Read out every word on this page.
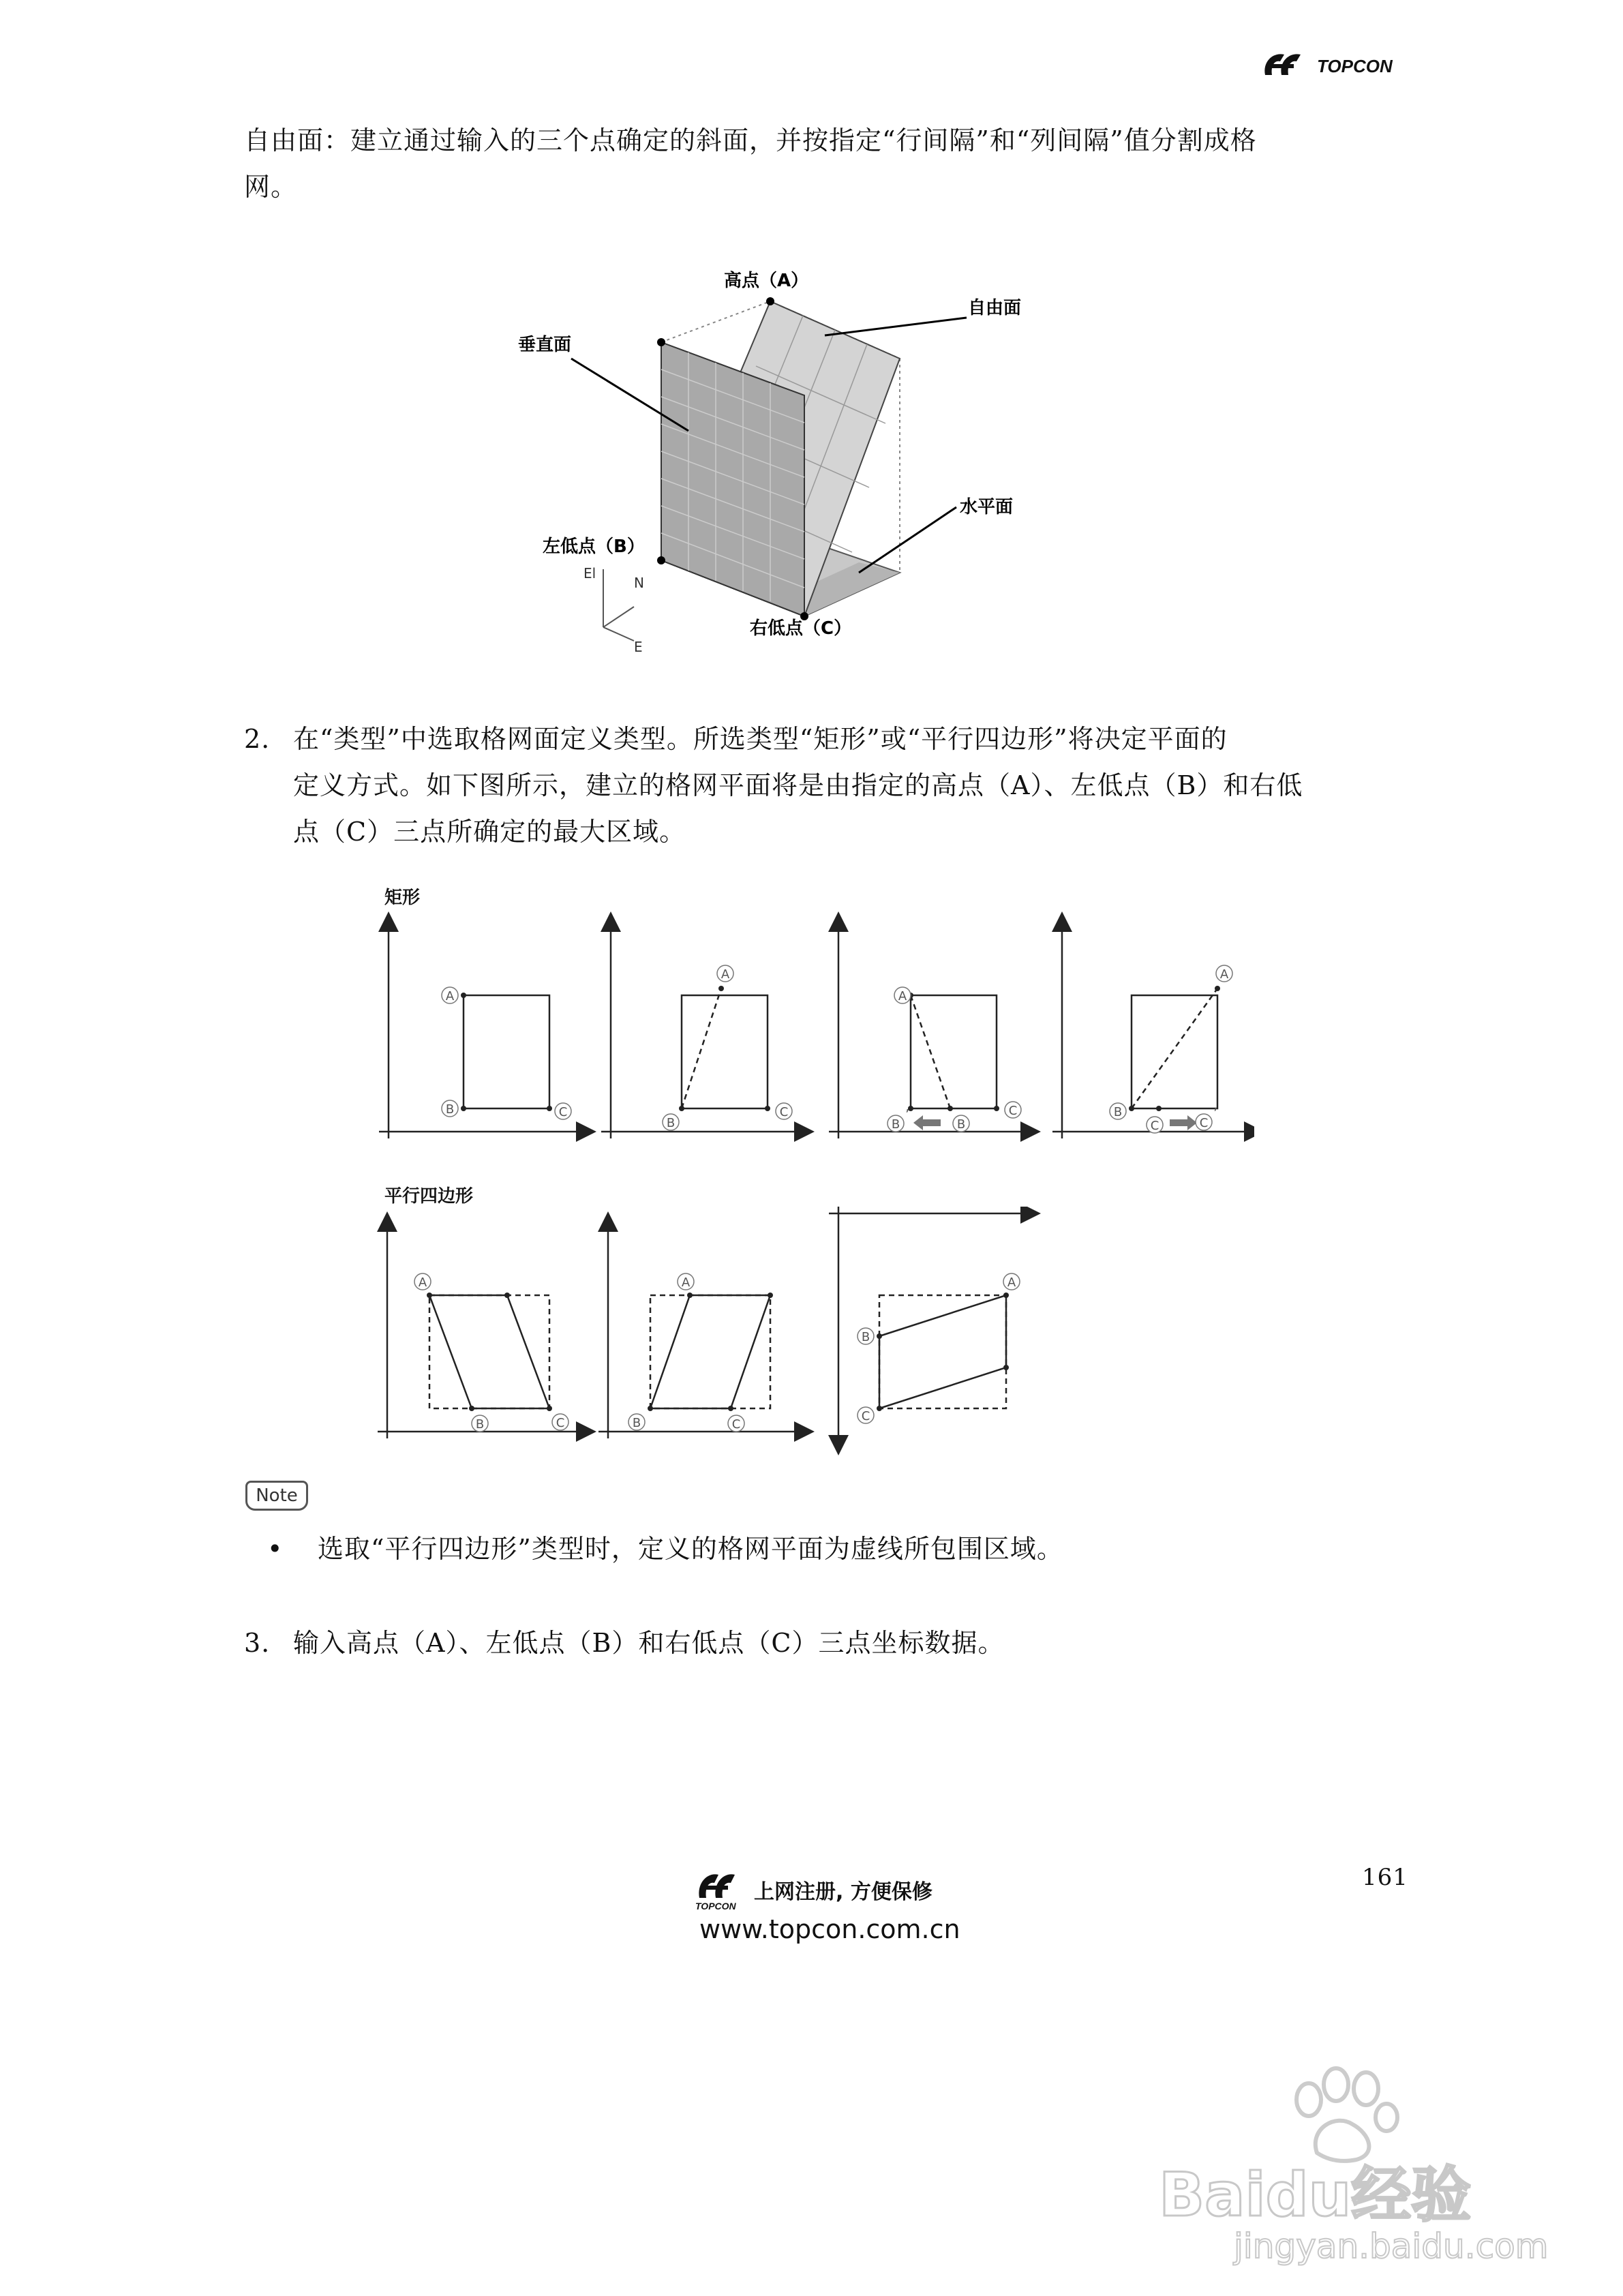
TOPCON
自由面：建立通过输入的三个点确定的斜面，并按指定“行间隔”和“列间隔”值分割成格
网。
高点（A）
自由面
垂直面
水平面
左低点（B）
右低点（C）
El
N
E
2. 在“类型”中选取格网面定义类型。所选类型“矩形”或“平行四边形”将决定平面的
定义方式。如下图所示，建立的格网平面将是由指定的高点（A）、左低点（B）和右低
点（C）三点所确定的最大区域。
矩形
A
B	C
A
B
C
A
B	B
C
A
B
C	C
’	’
平行四边形
A
B	C
A
B	C
A
B
C
Note
• 选取“平行四边形”类型时，定义的格网平面为虚线所包围区域。
3. 输入高点（A）、左低点（B）和右低点（C）三点坐标数据。
161
TOPCON
上网注册, 方便保修
www.topcon.com.cn
Baidu经验
jingyan.baidu.com
